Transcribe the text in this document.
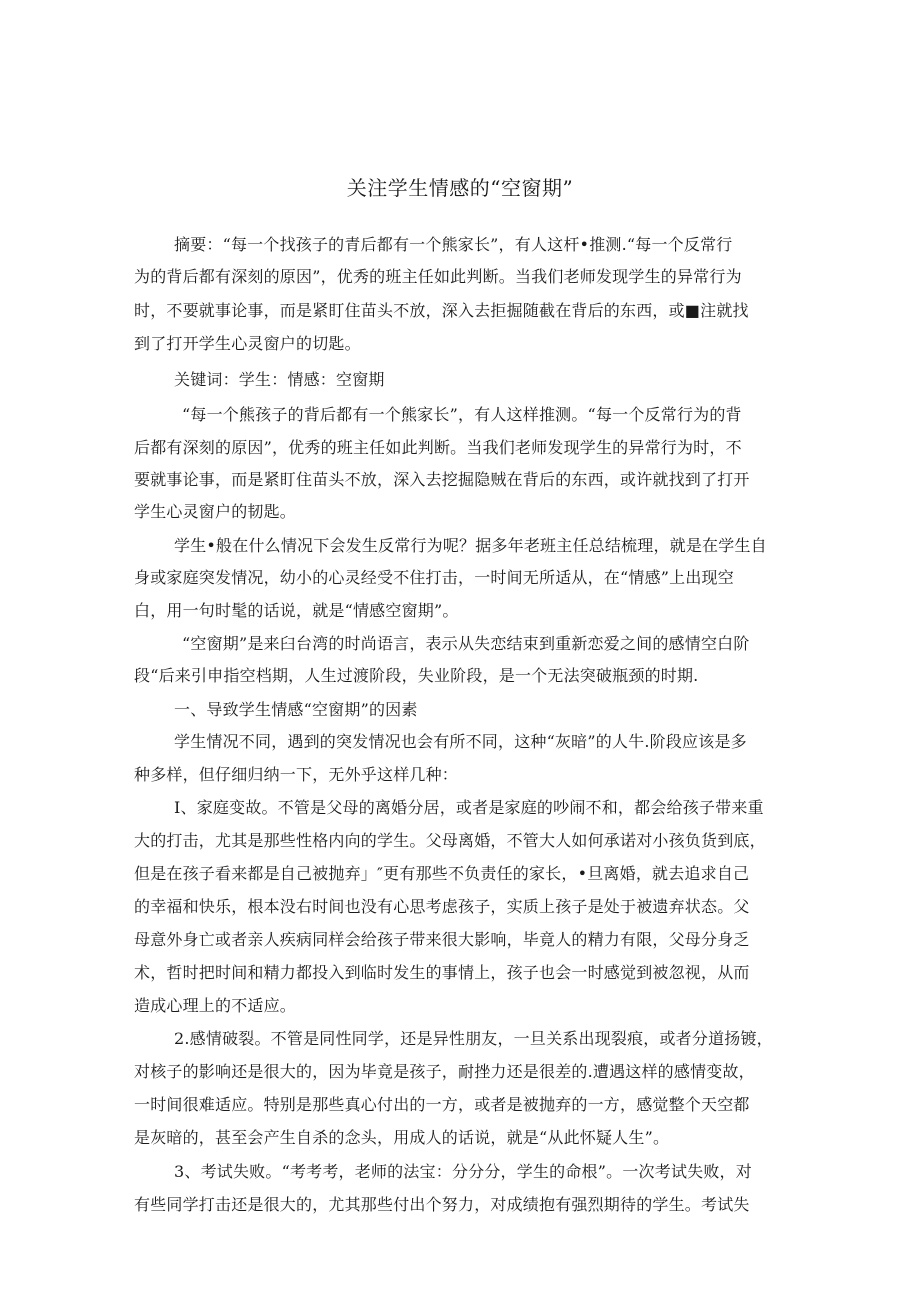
关注学生情感的“空窗期”

摘要：“每一个找孩子的青后都有一个熊家长”，有人这杆•推测.“每一个反常行

为的背后都有深刻的原因”，优秀的班主任如此判断。当我们老师发现学生的异常行为

时，不要就事论事，而是紧盯住苗头不放，深入去拒掘随截在背后的东西，或■注就找

到了打开学生心灵窗户的切匙。

关键词：学生：情感：空窗期

“每一个熊孩子的背后都有一个熊家长”，有人这样推测。“每一个反常行为的背

后都有深刻的原因”，优秀的班主任如此判断。当我们老师发现学生的异常行为时，不

要就事论事，而是紧盯住苗头不放，深入去挖掘隐贼在背后的东西，或许就找到了打开

学生心灵窗户的韧匙。

学生•般在什么情况下会发生反常行为呢？据多年老班主任总结梳理，就是在学生自

身或家庭突发情况，幼小的心灵经受不住打击，一时间无所适从，在“情感”上出现空

白，用一句时髦的话说，就是“情感空窗期”。

“空窗期”是来臼台湾的时尚语言，表示从失恋结束到重新恋爱之间的感情空白阶

段“后来引申指空档期，人生过渡阶段，失业阶段，是一个无法突破瓶颈的时期.

一、导致学生情感“空窗期”的因素

学生情况不同，遇到的突发情况也会有所不同，这种“灰暗”的人牛.阶段应该是多

种多样，但仔细归纳一下，无外乎这样几种：

I、家庭变故。不管是父母的离婚分居，或者是家庭的吵闹不和，都会给孩子带来重

大的打击，尤其是那些性格内向的学生。父母离婚，不管大人如何承诺对小孩负货到底，

但是在孩子看来都是自己被抛弃」″更有那些不负责任的家长，•旦离婚，就去追求自己

的幸福和快乐，根本没右时间也没有心思考虑孩子，实质上孩子是处于被遗弃状态。父

母意外身亡或者亲人疾病同样会给孩子带来很大影响，毕竟人的精力有限，父母分身乏

术，哲时把时间和精力都投入到临时发生的事情上，孩子也会一时感觉到被忽视，从而

造成心理上的不适应。

2.感情破裂。不管是同性同学，还是异性朋友，一旦关系出现裂痕，或者分道扬镀，

对核子的影响还是很大的，因为毕竟是孩子，耐挫力还是很差的.遭遇这样的感情变故，

一时间很难适应。特别是那些真心付出的一方，或者是被抛弃的一方，感觉整个天空都

是灰暗的，甚至会产生自杀的念头，用成人的话说，就是“从此怀疑人生”。

3、考试失败。“考考考，老师的法宝：分分分，学生的命根”。一次考试失败，对

有些同学打击还是很大的，尤其那些付出个努力，对成绩抱有强烈期待的学生。考试失
